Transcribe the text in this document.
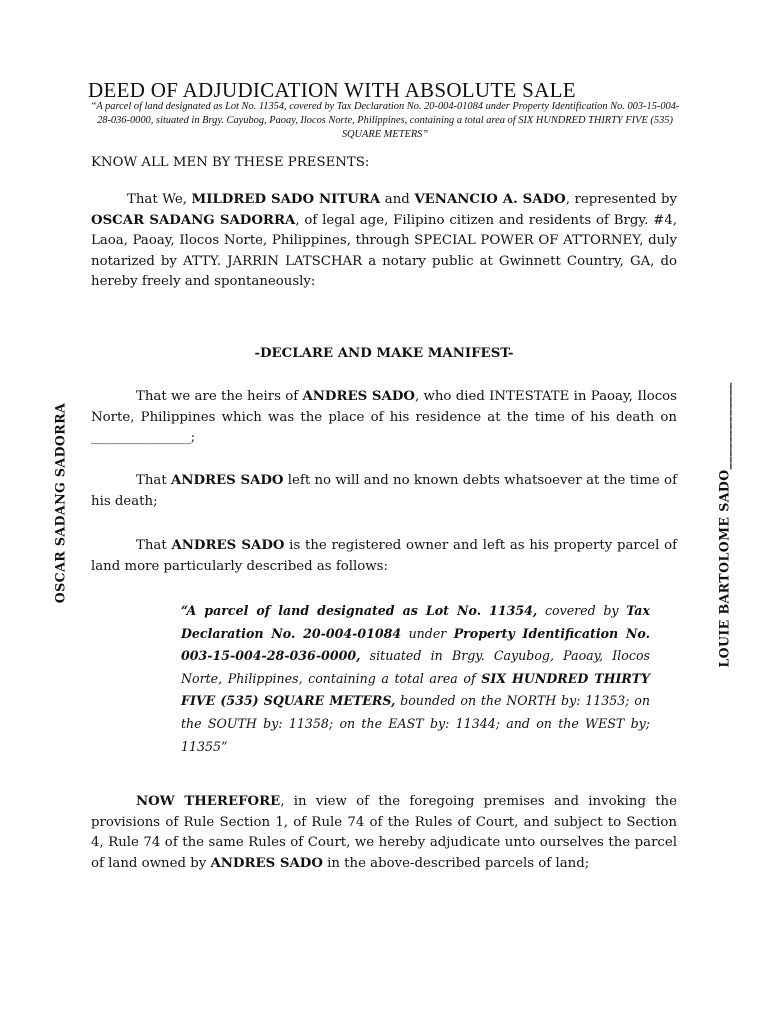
DEED OF ADJUDICATION WITH ABSOLUTE SALE
“A parcel of land designated as Lot No. 11354, covered by Tax Declaration No. 20-004-01084 under Property Identification No. 003-15-004-28-036-0000, situated in Brgy. Cayubog, Paoay, Ilocos Norte, Philippines, containing a total area of SIX HUNDRED THIRTY FIVE (535) SQUARE METERS”
KNOW ALL MEN BY THESE PRESENTS:

That We, MILDRED SADO NITURA and VENANCIO A. SADO, represented by OSCAR SADANG SADORRA, of legal age, Filipino citizen and residents of Brgy. #4, Laoa, Paoay, Ilocos Norte, Philippines, through SPECIAL POWER OF ATTORNEY, duly notarized by ATTY. JARRIN LATSCHAR a notary public at Gwinnett Country, GA, do hereby freely and spontaneously:

-DECLARE AND MAKE MANIFEST-

That we are the heirs of ANDRES SADO, who died INTESTATE in Paoay, Ilocos Norte, Philippines which was the place of his residence at the time of his death on _______________;

That ANDRES SADO left no will and no known debts whatsoever at the time of his death;

That ANDRES SADO is the registered owner and left as his property parcel of land more particularly described as follows:

“A parcel of land designated as Lot No. 11354, covered by Tax Declaration No. 20-004-01084 under Property Identification No. 003-15-004-28-036-0000, situated in Brgy. Cayubog, Paoay, Ilocos Norte, Philippines, containing a total area of SIX HUNDRED THIRTY FIVE (535) SQUARE METERS, bounded on the NORTH by: 11353; on the SOUTH by: 11358; on the EAST by: 11344; and on the WEST by; 11355”

NOW THEREFORE, in view of the foregoing premises and invoking the provisions of Rule Section 1, of Rule 74 of the Rules of Court, and subject to Section 4, Rule 74 of the same Rules of Court, we hereby adjudicate unto ourselves the parcel of land owned by ANDRES SADO in the above-described parcels of land;

OSCAR SADANG SADORRA	LOUIE BARTOLOME SADO_____________
